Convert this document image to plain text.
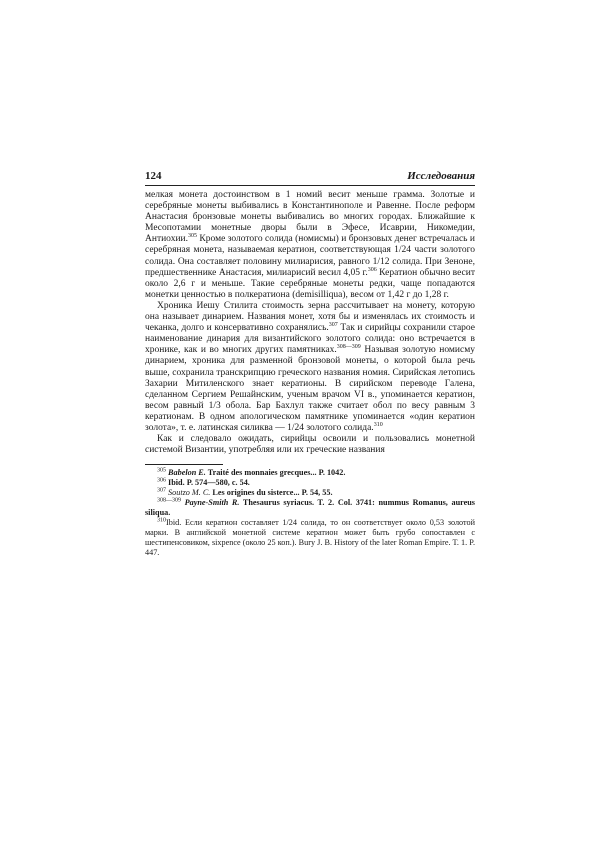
124	Исследования

мелкая монета достоинством в 1 номий весит меньше грамма. Золотые и серебряные монеты выбивались в Константинополе и Равенне. После реформ Анастасия бронзовые монеты выбивались во многих городах. Ближайшие к Месопотамии монетные дворы были в Эфесе, Исаврии, Никомедии, Антиохии.$^{305}$ Кроме золотого солида (номисмы) и бронзовых денег встречалась и серебряная монета, называемая кератион, соответствующая 1/24 части золотого солида. Она составляет половину милиарисия, равного 1/12 солида. При Зеноне, предшественнике Анастасия, милиарисий весил 4,05 г.$^{306}$ Кератион обычно весит около 2,6 г и меньше. Такие серебряные монеты редки, чаще попадаются монетки ценностью в полкератиона (demisilliqua), весом от 1,42 г до 1,28 г.

Хроника Иешу Стилита стоимость зерна рассчитывает на монету, которую она называет динарием. Названия монет, хотя бы и изменялась их стоимость и чеканка, долго и консервативно сохранялись.$^{307}$ Так и сирийцы сохранили старое наименование динария для византийского золотого солида: оно встречается в хронике, как и во многих других памятниках.$^{308—309}$ Называя золотую номисму динарием, хроника для разменной бронзовой монеты, о которой была речь выше, сохранила транскрипцию греческого названия номия. Сирийская летопись Захарии Митиленского знает кератионы. В сирийском переводе Галена, сделанном Сергием Решайнским, ученым врачом VI в., упоминается кератион, весом равный 1/3 обола. Бар Бахлул также считает обол по весу равным 3 кератионам. В одном апологическом памятнике упоминается «один кератион золота», т. е. латинская силиква — 1/24 золотого солида.$^{310}$

Как и следовало ожидать, сирийцы освоили и пользовались монетной системой Византии, употребляя или их греческие названия

$^{305}$ Babelon E. Traité des monnaies grecques... P. 1042.

$^{306}$ Ibid. P. 574—580, c. 54.

$^{307}$ Soutzo M. C. Les origines du sisterce... P. 54, 55.

$^{308—309}$ Payne-Smith R. Thesaurus syriacus. T. 2. Col. 3741: nummus Romanus, aureus siliqua.

$^{310}$Ibid. Если кератион составляет 1/24 солида, то он соответствует около 0,53 золотой марки. В английской монетной системе кератион может быть грубо сопоставлен с шестипенсовиком, sixpence (около 25 коп.). Bury J. B. History of the later Roman Empire. T. 1. P. 447.
